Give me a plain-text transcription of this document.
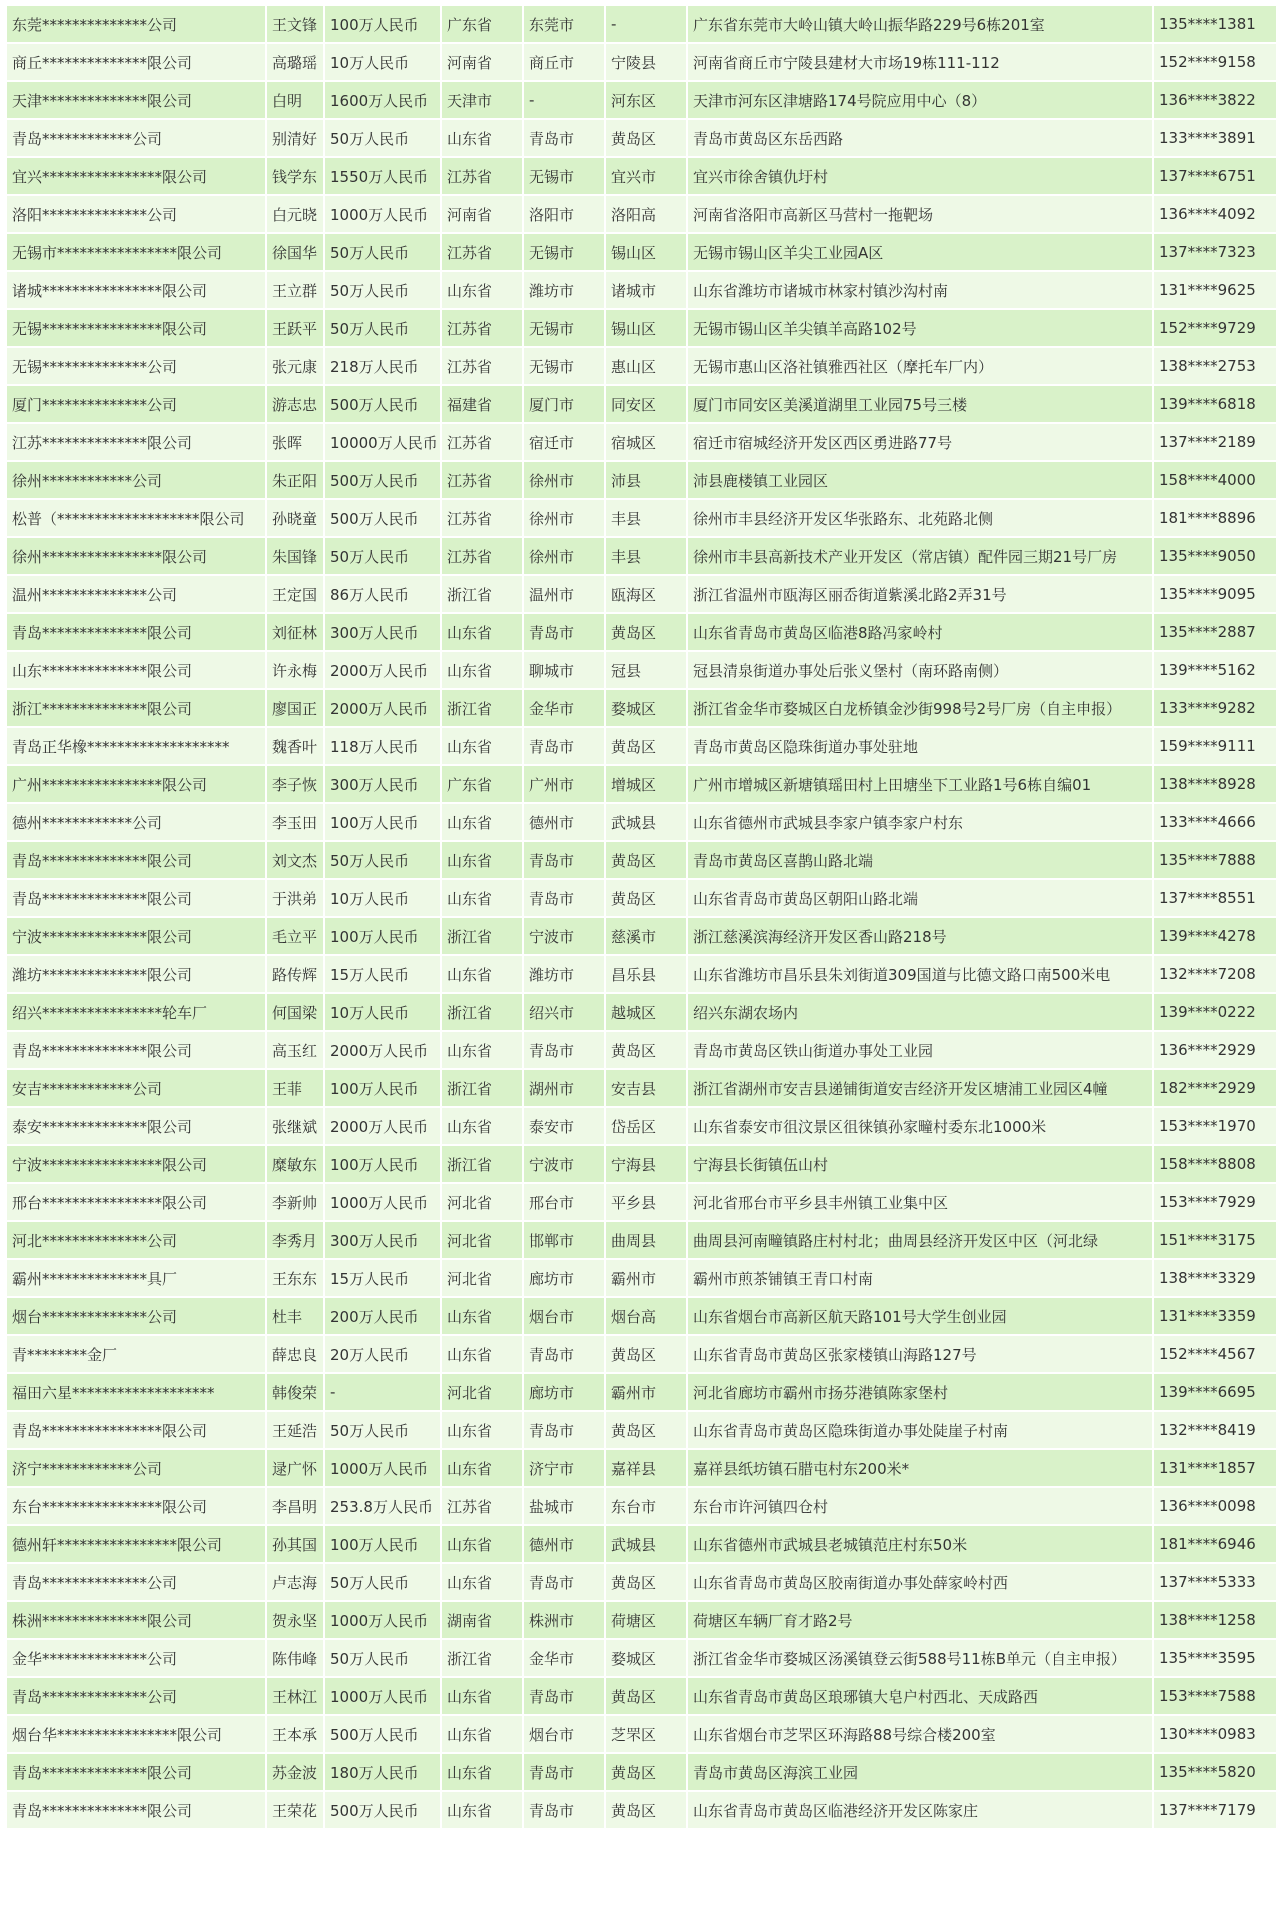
东莞**************公司	王文锋	100万人民币	广东省	东莞市	-	广东省东莞市大岭山镇大岭山振华路229号6栋201室	135****1381
商丘**************限公司	高璐瑶	10万人民币	河南省	商丘市	宁陵县	河南省商丘市宁陵县建材大市场19栋111-112	152****9158
天津**************限公司	白明	1600万人民币	天津市	-	河东区	天津市河东区津塘路174号院应用中心（8）	136****3822
青岛************公司	别清好	50万人民币	山东省	青岛市	黄岛区	青岛市黄岛区东岳西路	133****3891
宜兴****************限公司	钱学东	1550万人民币	江苏省	无锡市	宜兴市	宜兴市徐舍镇仇圩村	137****6751
洛阳**************公司	白元晓	1000万人民币	河南省	洛阳市	洛阳高	河南省洛阳市高新区马营村一拖靶场	136****4092
无锡市****************限公司	徐国华	50万人民币	江苏省	无锡市	锡山区	无锡市锡山区羊尖工业园A区	137****7323
诸城****************限公司	王立群	50万人民币	山东省	潍坊市	诸城市	山东省潍坊市诸城市林家村镇沙沟村南	131****9625
无锡****************限公司	王跃平	50万人民币	江苏省	无锡市	锡山区	无锡市锡山区羊尖镇羊高路102号	152****9729
无锡**************公司	张元康	218万人民币	江苏省	无锡市	惠山区	无锡市惠山区洛社镇雅西社区（摩托车厂内）	138****2753
厦门**************公司	游志忠	500万人民币	福建省	厦门市	同安区	厦门市同安区美溪道湖里工业园75号三楼	139****6818
江苏**************限公司	张晖	10000万人民币	江苏省	宿迁市	宿城区	宿迁市宿城经济开发区西区勇进路77号	137****2189
徐州************公司	朱正阳	500万人民币	江苏省	徐州市	沛县	沛县鹿楼镇工业园区	158****4000
松普（*******************限公司	孙晓童	500万人民币	江苏省	徐州市	丰县	徐州市丰县经济开发区华张路东、北苑路北侧	181****8896
徐州****************限公司	朱国锋	50万人民币	江苏省	徐州市	丰县	徐州市丰县高新技术产业开发区（常店镇）配件园三期21号厂房	135****9050
温州**************公司	王定国	86万人民币	浙江省	温州市	瓯海区	浙江省温州市瓯海区丽岙街道紫溪北路2弄31号	135****9095
青岛**************限公司	刘征林	300万人民币	山东省	青岛市	黄岛区	山东省青岛市黄岛区临港8路冯家岭村	135****2887
山东**************限公司	许永梅	2000万人民币	山东省	聊城市	冠县	冠县清泉街道办事处后张义堡村（南环路南侧）	139****5162
浙江**************限公司	廖国正	2000万人民币	浙江省	金华市	婺城区	浙江省金华市婺城区白龙桥镇金沙街998号2号厂房（自主申报）	133****9282
青岛正华橡*******************	魏香叶	118万人民币	山东省	青岛市	黄岛区	青岛市黄岛区隐珠街道办事处驻地	159****9111
广州****************限公司	李子恢	300万人民币	广东省	广州市	增城区	广州市增城区新塘镇瑶田村上田塘坐下工业路1号6栋自编01	138****8928
德州************公司	李玉田	100万人民币	山东省	德州市	武城县	山东省德州市武城县李家户镇李家户村东	133****4666
青岛**************限公司	刘文杰	50万人民币	山东省	青岛市	黄岛区	青岛市黄岛区喜鹊山路北端	135****7888
青岛**************限公司	于洪弟	10万人民币	山东省	青岛市	黄岛区	山东省青岛市黄岛区朝阳山路北端	137****8551
宁波**************限公司	毛立平	100万人民币	浙江省	宁波市	慈溪市	浙江慈溪滨海经济开发区香山路218号	139****4278
潍坊**************限公司	路传辉	15万人民币	山东省	潍坊市	昌乐县	山东省潍坊市昌乐县朱刘街道309国道与比德文路口南500米电	132****7208
绍兴****************轮车厂	何国梁	10万人民币	浙江省	绍兴市	越城区	绍兴东湖农场内	139****0222
青岛**************限公司	高玉红	2000万人民币	山东省	青岛市	黄岛区	青岛市黄岛区铁山街道办事处工业园	136****2929
安吉************公司	王菲	100万人民币	浙江省	湖州市	安吉县	浙江省湖州市安吉县递铺街道安吉经济开发区塘浦工业园区4幢	182****2929
泰安**************限公司	张继斌	2000万人民币	山东省	泰安市	岱岳区	山东省泰安市徂汶景区徂徕镇孙家疃村委东北1000米	153****1970
宁波****************限公司	糜敏东	100万人民币	浙江省	宁波市	宁海县	宁海县长街镇伍山村	158****8808
邢台****************限公司	李新帅	1000万人民币	河北省	邢台市	平乡县	河北省邢台市平乡县丰州镇工业集中区	153****7929
河北**************公司	李秀月	300万人民币	河北省	邯郸市	曲周县	曲周县河南疃镇路庄村村北；曲周县经济开发区中区（河北绿	151****3175
霸州**************具厂	王东东	15万人民币	河北省	廊坊市	霸州市	霸州市煎茶铺镇王青口村南	138****3329
烟台**************公司	杜丰	200万人民币	山东省	烟台市	烟台高	山东省烟台市高新区航天路101号大学生创业园	131****3359
青********金厂	薛忠良	20万人民币	山东省	青岛市	黄岛区	山东省青岛市黄岛区张家楼镇山海路127号	152****4567
福田六星*******************	韩俊荣	-	河北省	廊坊市	霸州市	河北省廊坊市霸州市扬芬港镇陈家堡村	139****6695
青岛****************限公司	王延浩	50万人民币	山东省	青岛市	黄岛区	山东省青岛市黄岛区隐珠街道办事处陡崖子村南	132****8419
济宁************公司	逯广怀	1000万人民币	山东省	济宁市	嘉祥县	嘉祥县纸坊镇石腊屯村东200米*	131****1857
东台****************限公司	李昌明	253.8万人民币	江苏省	盐城市	东台市	东台市许河镇四仓村	136****0098
德州轩****************限公司	孙其国	100万人民币	山东省	德州市	武城县	山东省德州市武城县老城镇范庄村东50米	181****6946
青岛**************公司	卢志海	50万人民币	山东省	青岛市	黄岛区	山东省青岛市黄岛区胶南街道办事处薛家岭村西	137****5333
株洲**************限公司	贺永坚	1000万人民币	湖南省	株洲市	荷塘区	荷塘区车辆厂育才路2号	138****1258
金华**************公司	陈伟峰	50万人民币	浙江省	金华市	婺城区	浙江省金华市婺城区汤溪镇登云街588号11栋B单元（自主申报）	135****3595
青岛**************公司	王林江	1000万人民币	山东省	青岛市	黄岛区	山东省青岛市黄岛区琅琊镇大皂户村西北、天成路西	153****7588
烟台华****************限公司	王本承	500万人民币	山东省	烟台市	芝罘区	山东省烟台市芝罘区环海路88号综合楼200室	130****0983
青岛**************限公司	苏金波	180万人民币	山东省	青岛市	黄岛区	青岛市黄岛区海滨工业园	135****5820
青岛**************限公司	王荣花	500万人民币	山东省	青岛市	黄岛区	山东省青岛市黄岛区临港经济开发区陈家庄	137****7179
